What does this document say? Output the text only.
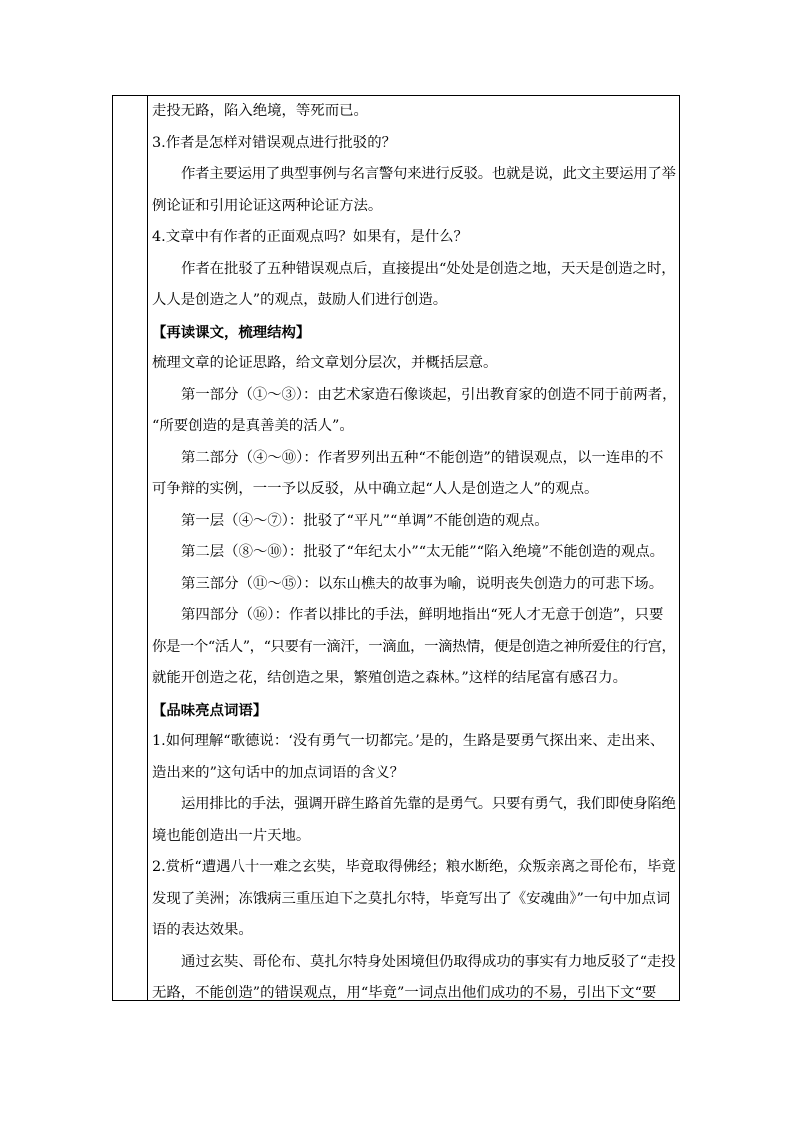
走投无路，陷入绝境，等死而已。
3.作者是怎样对错误观点进行批驳的？
作者主要运用了典型事例与名言警句来进行反驳。也就是说，此文主要运用了举
例论证和引用论证这两种论证方法。
4.文章中有作者的正面观点吗？如果有，是什么？
作者在批驳了五种错误观点后，直接提出“处处是创造之地，天天是创造之时，
人人是创造之人”的观点，鼓励人们进行创造。
【再读课文，梳理结构】
梳理文章的论证思路，给文章划分层次，并概括层意。
第一部分（①～③）：由艺术家造石像谈起，引出教育家的创造不同于前两者，
“所要创造的是真善美的活人”。
第二部分（④～⑩）：作者罗列出五种“不能创造”的错误观点，以一连串的不
可争辩的实例，一一予以反驳，从中确立起“人人是创造之人”的观点。
第一层（④～⑦）：批驳了“平凡”“单调”不能创造的观点。
第二层（⑧～⑩）：批驳了“年纪太小”“太无能”“陷入绝境”不能创造的观点。
第三部分（⑪～⑮）：以东山樵夫的故事为喻，说明丧失创造力的可悲下场。
第四部分（⑯）：作者以排比的手法，鲜明地指出“死人才无意于创造”，只要
你是一个“活人”，“只要有一滴汗，一滴血，一滴热情，便是创造之神所爱住的行宫，
就能开创造之花，结创造之果，繁殖创造之森林。”这样的结尾富有感召力。
【品味亮点词语】
1.如何理解“歌德说：‘没有勇气一切都完。’是的，生路是要勇气探出来、走出来、
造出来的”这句话中的加点词语的含义？
运用排比的手法，强调开辟生路首先靠的是勇气。只要有勇气，我们即使身陷绝
境也能创造出一片天地。
2.赏析“遭遇八十一难之玄奘，毕竟取得佛经；粮水断绝，众叛亲离之哥伦布，毕竟
发现了美洲；冻饿病三重压迫下之莫扎尔特，毕竟写出了《安魂曲》”一句中加点词
语的表达效果。
通过玄奘、哥伦布、莫扎尔特身处困境但仍取得成功的事实有力地反驳了“走投
无路，不能创造”的错误观点，用“毕竟”一词点出他们成功的不易，引出下文“要
